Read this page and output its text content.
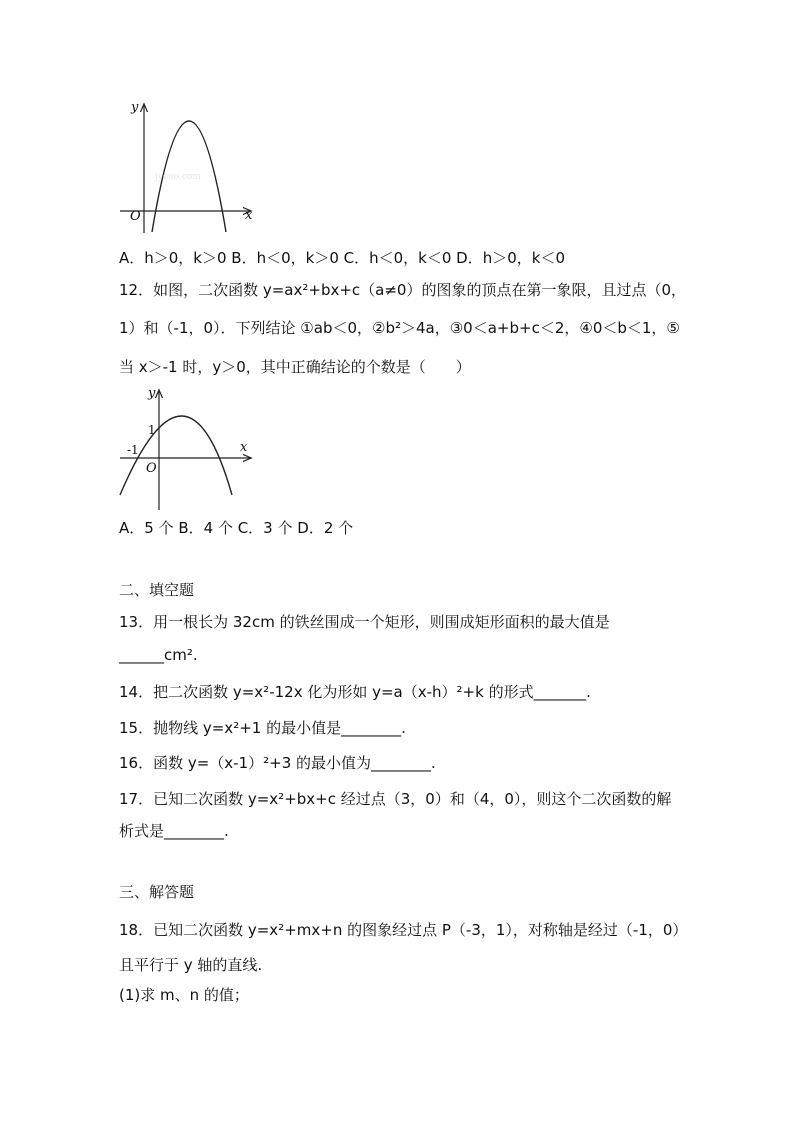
y
x
O
jyeoo.com
A．h＞0，k＞0 B．h＜0，k＞0 C．h＜0，k＜0 D．h＞0，k＜0
12．如图，二次函数 y=ax²+bx+c（a≠0）的图象的顶点在第一象限，且过点（0，
1）和（-1，0）．下列结论 ①ab＜0，②b²＞4a，③0＜a+b+c＜2，④0＜b＜1，⑤
当 x＞-1 时，y＞0，其中正确结论的个数是（　　）
y
x
1
-1
O
A．5 个 B．4 个 C．3 个 D．2 个
二、填空题
13．用一根长为 32cm 的铁丝围成一个矩形，则围成矩形面积的最大值是
______cm².
14．把二次函数 y=x²-12x 化为形如 y=a（x-h）²+k 的形式_______.
15．抛物线 y=x²+1 的最小值是________.
16．函数 y=（x-1）²+3 的最小值为________.
17．已知二次函数 y=x²+bx+c 经过点（3，0）和（4，0），则这个二次函数的解
析式是________.
三、解答题
18．已知二次函数 y=x²+mx+n 的图象经过点 P（-3，1），对称轴是经过（-1，0）
且平行于 y 轴的直线.
(1)求 m、n 的值；
